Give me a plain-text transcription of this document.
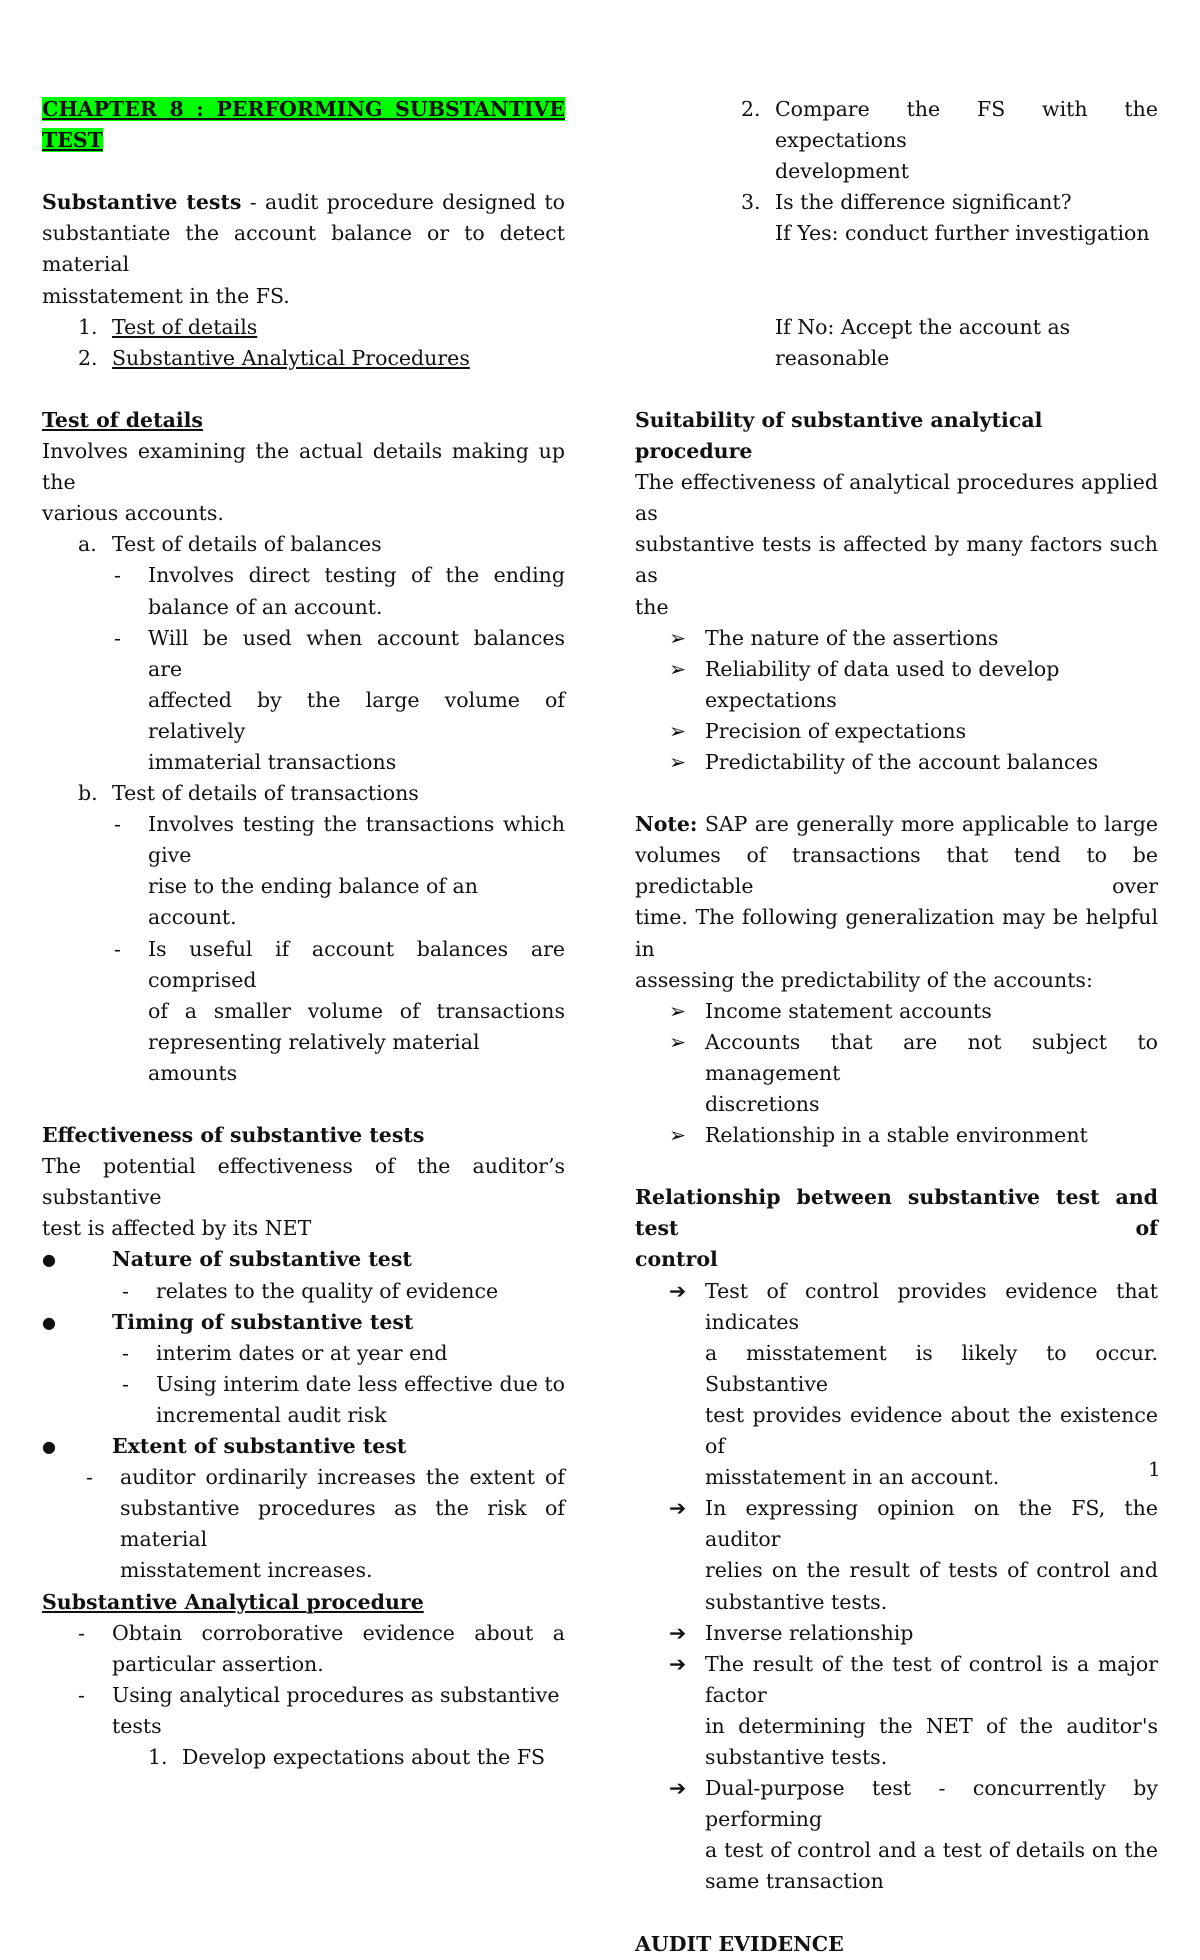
CHAPTER 8 : PERFORMING SUBSTANTIVE
TEST
Substantive tests - audit procedure designed to
substantiate the account balance or to detect material
misstatement in the FS.
1. Test of details
2. Substantive Analytical Procedures
Test of details
Involves examining the actual details making up the
various accounts.
a. Test of details of balances
-	Involves direct testing of the ending
balance of an account.
-	Will be used when account balances are
affected by the large volume of relatively
immaterial transactions
b. Test of details of transactions
-	Involves testing the transactions which give
rise to the ending balance of an account.
-	Is useful if account balances are comprised
of a smaller volume of transactions
representing relatively material amounts
Effectiveness of substantive tests
The potential effectiveness of the auditor’s substantive
test is affected by its NET
●	Nature of substantive test
-	relates to the quality of evidence
●	Timing of substantive test
-	interim dates or at year end
-	Using interim date less effective due to
incremental audit risk
●	Extent of substantive test
-	auditor ordinarily increases the extent of
substantive procedures as the risk of material
misstatement increases.
Substantive Analytical procedure
-	Obtain corroborative evidence about a
particular assertion.
-	Using analytical procedures as substantive tests
1. Develop expectations about the FS
2. Compare the FS with the expectations
development
3. Is the difference significant?
If Yes: conduct further investigation
If No: Accept the account as reasonable
Suitability of substantive analytical procedure
The effectiveness of analytical procedures applied as
substantive tests is affected by many factors such as
the
➢ The nature of the assertions
➢ Reliability of data used to develop expectations
➢ Precision of expectations
➢ Predictability of the account balances
Note: SAP are generally more applicable to large
volumes of transactions that tend to be predictable over
time. The following generalization may be helpful in
assessing the predictability of the accounts:
➢ Income statement accounts
➢ Accounts that are not subject to management
discretions
➢ Relationship in a stable environment
Relationship between substantive test and test of
control
➔ Test of control provides evidence that indicates
a misstatement is likely to occur. Substantive
test provides evidence about the existence of
misstatement in an account.
➔ In expressing opinion on the FS, the auditor
relies on the result of tests of control and
substantive tests.
➔ Inverse relationship
➔ The result of the test of control is a major factor
in determining the NET of the auditor's
substantive tests.
➔ Dual-purpose test - concurrently by performing
a test of control and a test of details on the
same transaction
AUDIT EVIDENCE
1
